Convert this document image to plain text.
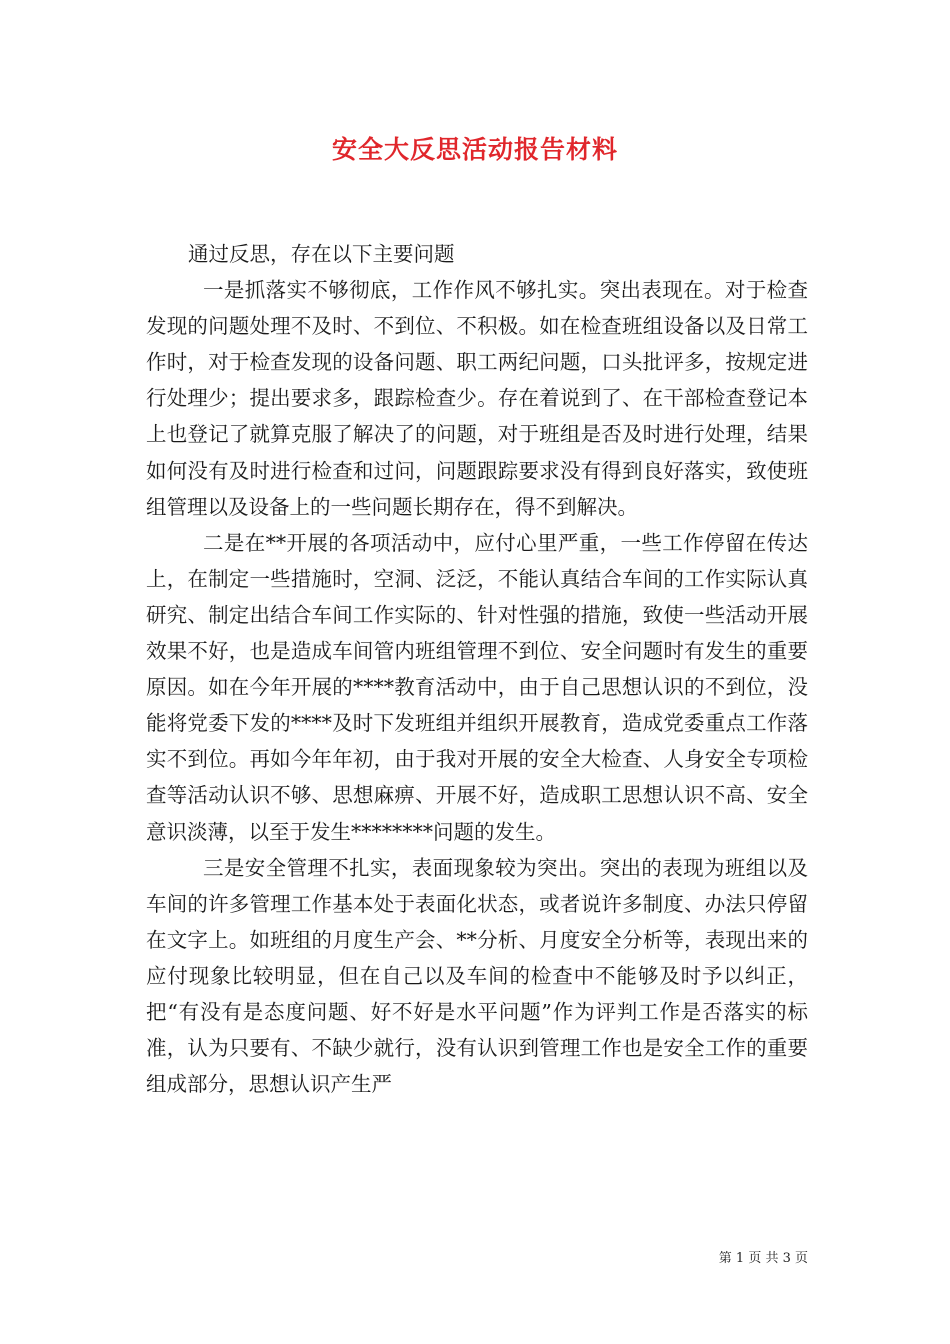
安全大反思活动报告材料

通过反思，存在以下主要问题

一是抓落实不够彻底，工作作风不够扎实。突出表现在。对于检查发现的问题处理不及时、不到位、不积极。如在检查班组设备以及日常工作时，对于检查发现的设备问题、职工两纪问题，口头批评多，按规定进行处理少；提出要求多，跟踪检查少。存在着说到了、在干部检查登记本上也登记了就算克服了解决了的问题，对于班组是否及时进行处理，结果如何没有及时进行检查和过问，问题跟踪要求没有得到良好落实，致使班组管理以及设备上的一些问题长期存在，得不到解决。

二是在**开展的各项活动中，应付心里严重，一些工作停留在传达上，在制定一些措施时，空洞、泛泛，不能认真结合车间的工作实际认真研究、制定出结合车间工作实际的、针对性强的措施，致使一些活动开展效果不好，也是造成车间管内班组管理不到位、安全问题时有发生的重要原因。如在今年开展的****教育活动中，由于自己思想认识的不到位，没能将党委下发的****及时下发班组并组织开展教育，造成党委重点工作落实不到位。再如今年年初，由于我对开展的安全大检查、人身安全专项检查等活动认识不够、思想麻痹、开展不好，造成职工思想认识不高、安全意识淡薄，以至于发生********问题的发生。

三是安全管理不扎实，表面现象较为突出。突出的表现为班组以及车间的许多管理工作基本处于表面化状态，或者说许多制度、办法只停留在文字上。如班组的月度生产会、**分析、月度安全分析等，表现出来的应付现象比较明显，但在自己以及车间的检查中不能够及时予以纠正，把“有没有是态度问题、好不好是水平问题”作为评判工作是否落实的标准，认为只要有、不缺少就行，没有认识到管理工作也是安全工作的重要组成部分，思想认识产生严

第 1 页 共 3 页
